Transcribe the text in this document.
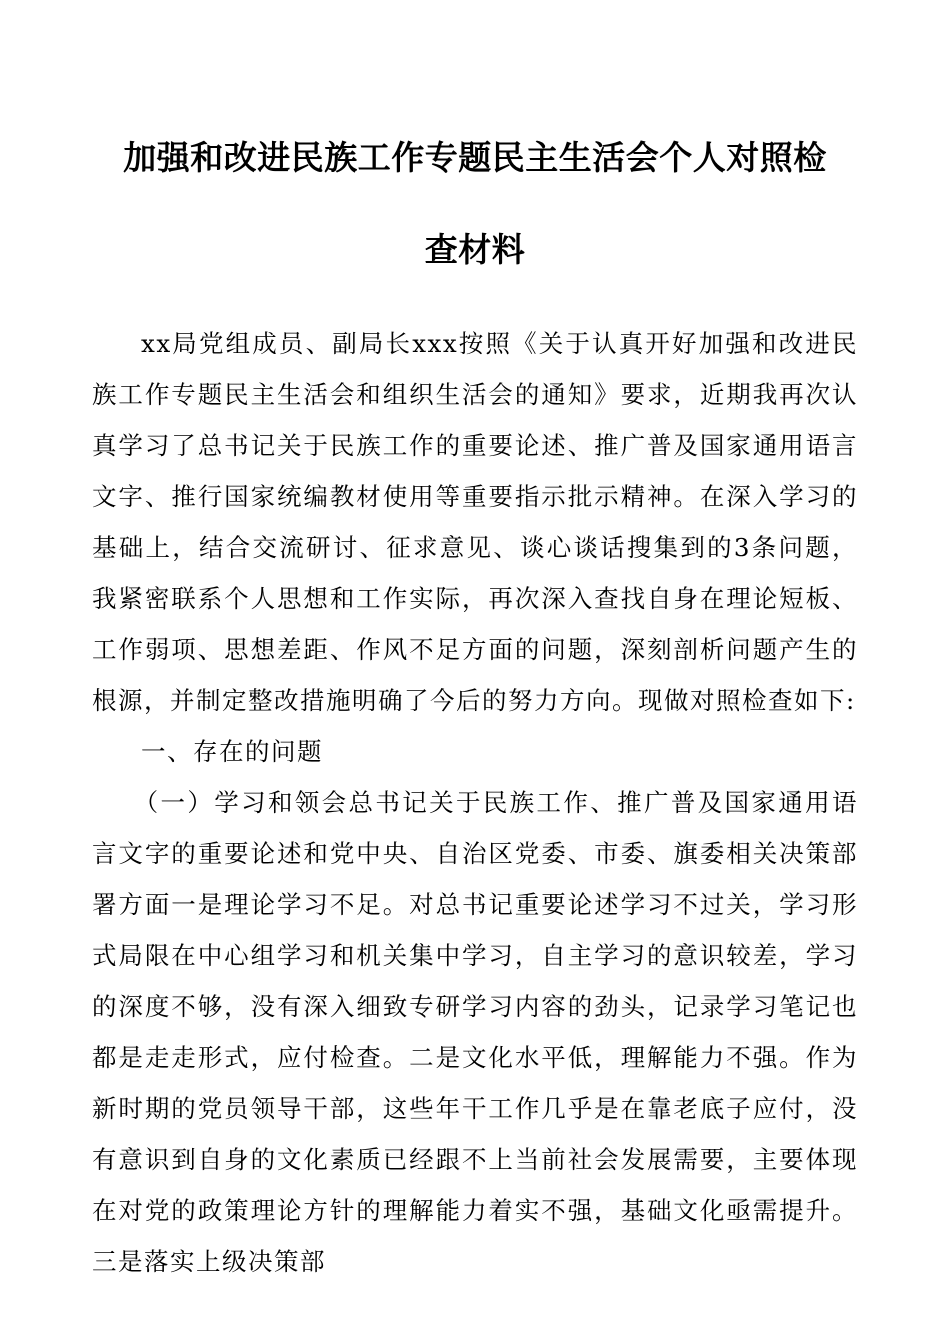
加强和改进民族工作专题民主生活会个人对照检
查材料

xx局党组成员、副局长xxx按照《关于认真开好加强和改进民族工作专题民主生活会和组织生活会的通知》要求，近期我再次认真学习了总书记关于民族工作的重要论述、推广普及国家通用语言文字、推行国家统编教材使用等重要指示批示精神。在深入学习的基础上，结合交流研讨、征求意见、谈心谈话搜集到的3条问题，我紧密联系个人思想和工作实际，再次深入查找自身在理论短板、工作弱项、思想差距、作风不足方面的问题，深刻剖析问题产生的根源，并制定整改措施明确了今后的努力方向。现做对照检查如下:

一、存在的问题

（一）学习和领会总书记关于民族工作、推广普及国家通用语言文字的重要论述和党中央、自治区党委、市委、旗委相关决策部署方面一是理论学习不足。对总书记重要论述学习不过关，学习形式局限在中心组学习和机关集中学习，自主学习的意识较差，学习的深度不够，没有深入细致专研学习内容的劲头，记录学习笔记也都是走走形式，应付检查。二是文化水平低，理解能力不强。作为新时期的党员领导干部，这些年干工作几乎是在靠老底子应付，没有意识到自身的文化素质已经跟不上当前社会发展需要，主要体现在对党的政策理论方针的理解能力着实不强，基础文化亟需提升。三是落实上级决策部
